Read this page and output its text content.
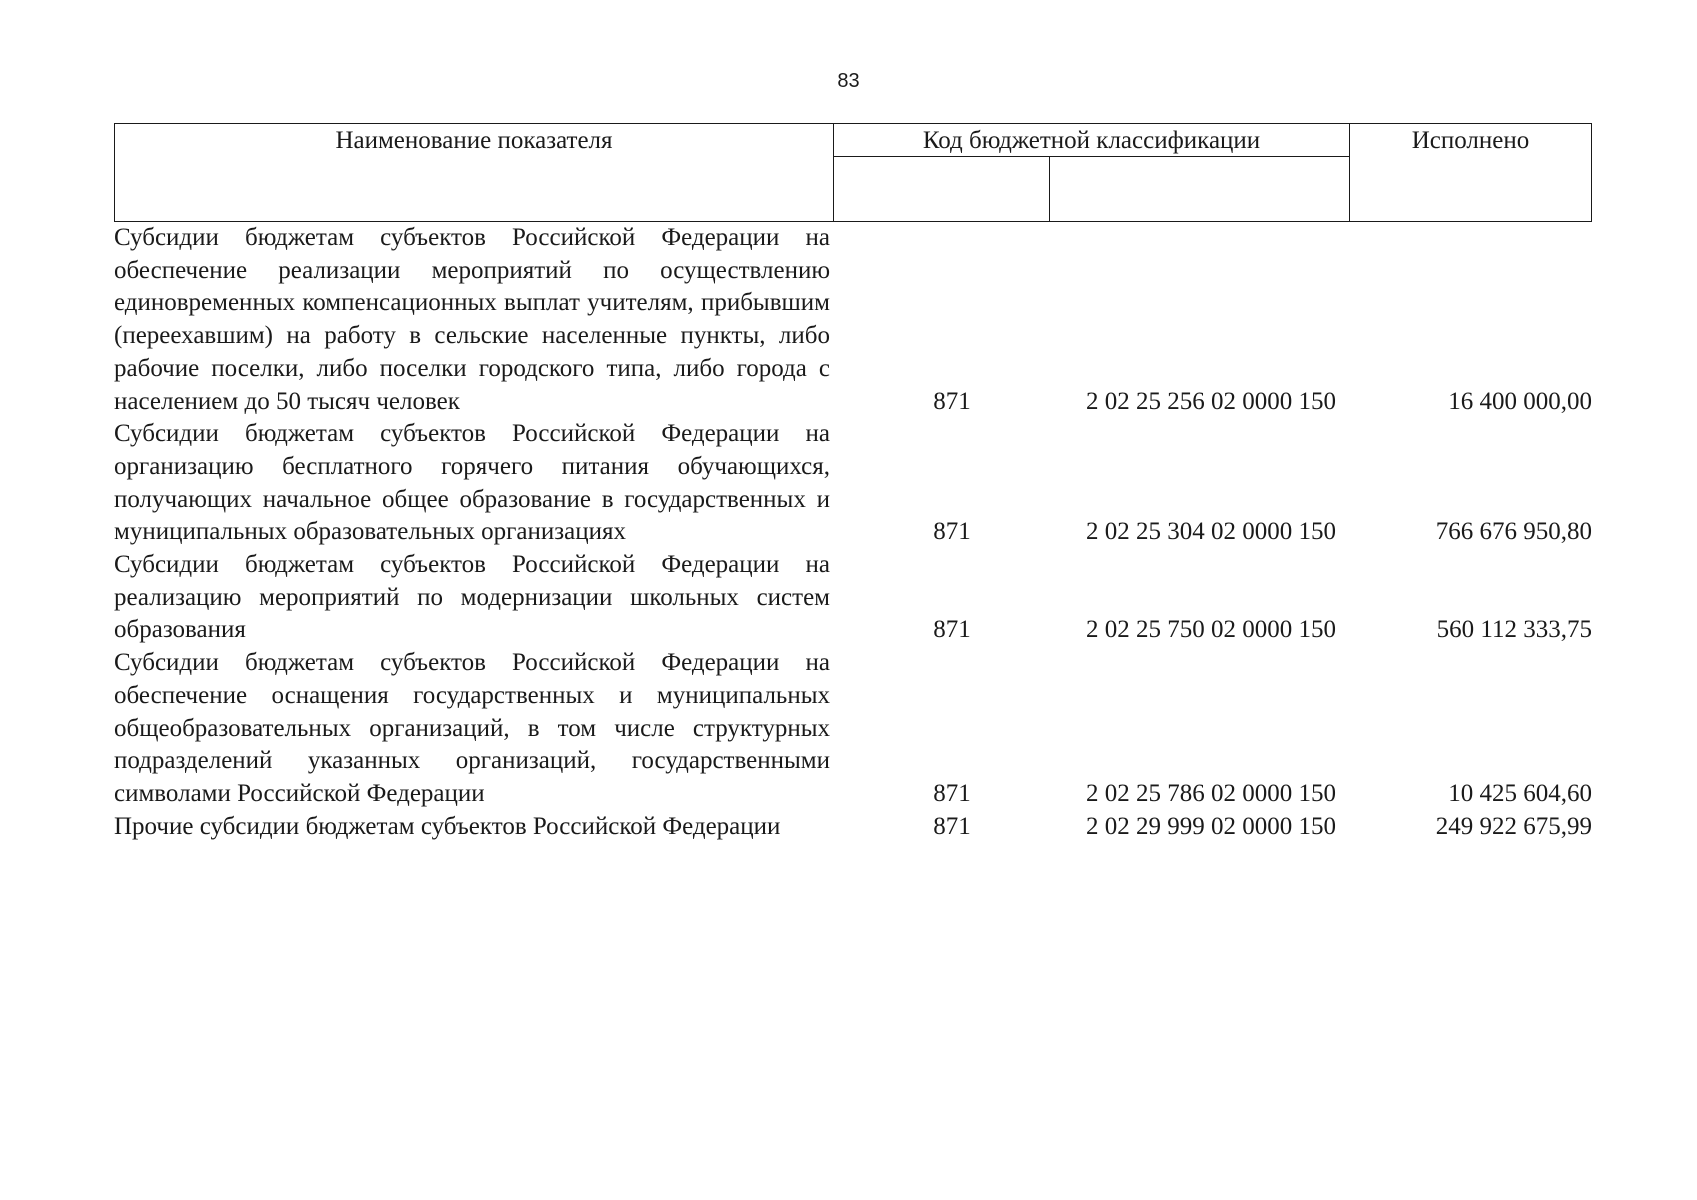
83
Наименование показателя	Код бюджетной классификации	Исполнено
Субсидии бюджетам субъектов Российской Федерации на обеспечение реализации мероприятий по осуществлению единовременных компенсационных выплат учителям, прибывшим (переехавшим) на работу в сельские населенные пункты, либо рабочие поселки, либо поселки городского типа, либо города с населением до 50 тысяч человек	871	2 02 25 256 02 0000 150	16 400 000,00
Субсидии бюджетам субъектов Российской Федерации на организацию бесплатного горячего питания обучающихся, получающих начальное общее образование в государственных и муниципальных образовательных организациях	871	2 02 25 304 02 0000 150	766 676 950,80
Субсидии бюджетам субъектов Российской Федерации на реализацию мероприятий по модернизации школьных систем образования	871	2 02 25 750 02 0000 150	560 112 333,75
Субсидии бюджетам субъектов Российской Федерации на обеспечение оснащения государственных и муниципальных общеобразовательных организаций, в том числе структурных подразделений указанных организаций, государственными символами Российской Федерации	871	2 02 25 786 02 0000 150	10 425 604,60
Прочие субсидии бюджетам субъектов Российской Федерации	871	2 02 29 999 02 0000 150	249 922 675,99
